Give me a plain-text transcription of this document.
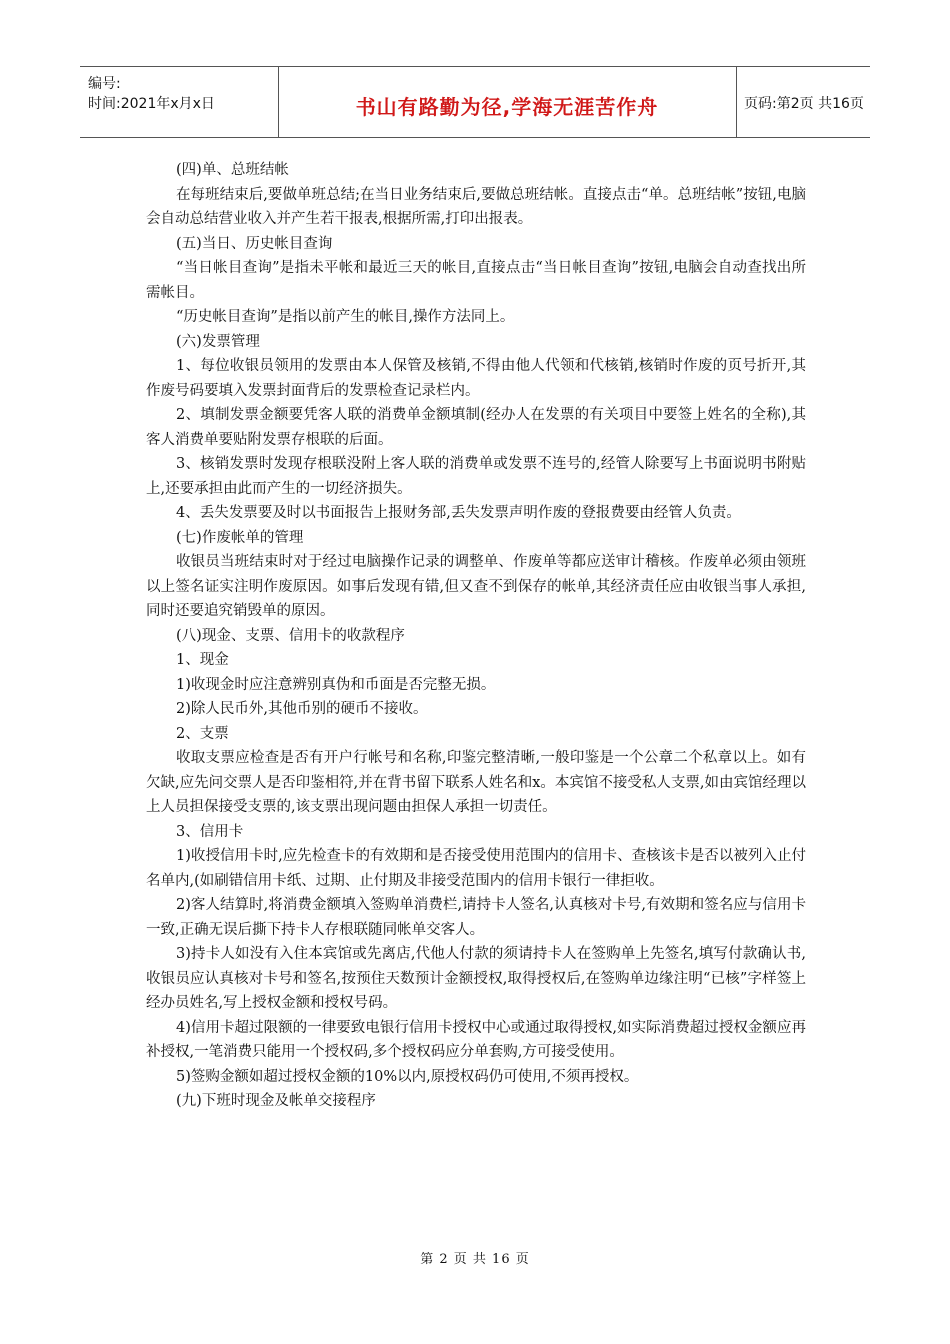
编号:
时间:2021年x月x日	书山有路勤为径,学海无涯苦作舟	页码:第2页 共16页

(四)单、总班结帐

在每班结束后,要做单班总结;在当日业务结束后,要做总班结帐。直接点击“单。总班结帐”按钮,电脑会自动总结营业收入并产生若干报表,根据所需,打印出报表。

(五)当日、历史帐目查询

“当日帐目查询”是指未平帐和最近三天的帐目,直接点击“当日帐目查询”按钮,电脑会自动查找出所需帐目。

“历史帐目查询”是指以前产生的帐目,操作方法同上。

(六)发票管理

1、每位收银员领用的发票由本人保管及核销,不得由他人代领和代核销,核销时作废的页号折开,其作废号码要填入发票封面背后的发票检查记录栏内。

2、填制发票金额要凭客人联的消费单金额填制(经办人在发票的有关项目中要签上姓名的全称),其客人消费单要贴附发票存根联的后面。

3、核销发票时发现存根联没附上客人联的消费单或发票不连号的,经管人除要写上书面说明书附贴上,还要承担由此而产生的一切经济损失。

4、丢失发票要及时以书面报告上报财务部,丢失发票声明作废的登报费要由经管人负责。

(七)作废帐单的管理

收银员当班结束时对于经过电脑操作记录的调整单、作废单等都应送审计稽核。作废单必须由领班以上签名证实注明作废原因。如事后发现有错,但又查不到保存的帐单,其经济责任应由收银当事人承担,同时还要追究销毁单的原因。

(八)现金、支票、信用卡的收款程序

1、现金

1)收现金时应注意辨别真伪和币面是否完整无损。

2)除人民币外,其他币别的硬币不接收。

2、支票

收取支票应检查是否有开户行帐号和名称,印鉴完整清晰,一般印鉴是一个公章二个私章以上。如有欠缺,应先问交票人是否印鉴相符,并在背书留下联系人姓名和x。本宾馆不接受私人支票,如由宾馆经理以上人员担保接受支票的,该支票出现问题由担保人承担一切责任。

3、信用卡

1)收授信用卡时,应先检查卡的有效期和是否接受使用范围内的信用卡、查核该卡是否以被列入止付名单内,(如刷错信用卡纸、过期、止付期及非接受范围内的信用卡银行一律拒收。

2)客人结算时,将消费金额填入签购单消费栏,请持卡人签名,认真核对卡号,有效期和签名应与信用卡一致,正确无误后撕下持卡人存根联随同帐单交客人。

3)持卡人如没有入住本宾馆或先离店,代他人付款的须请持卡人在签购单上先签名,填写付款确认书,收银员应认真核对卡号和签名,按预住天数预计金额授权,取得授权后,在签购单边缘注明“已核”字样签上经办员姓名,写上授权金额和授权号码。

4)信用卡超过限额的一律要致电银行信用卡授权中心或通过取得授权,如实际消费超过授权金额应再补授权,一笔消费只能用一个授权码,多个授权码应分单套购,方可接受使用。

5)签购金额如超过授权金额的10%以内,原授权码仍可使用,不须再授权。

(九)下班时现金及帐单交接程序

第 2 页 共 16 页
